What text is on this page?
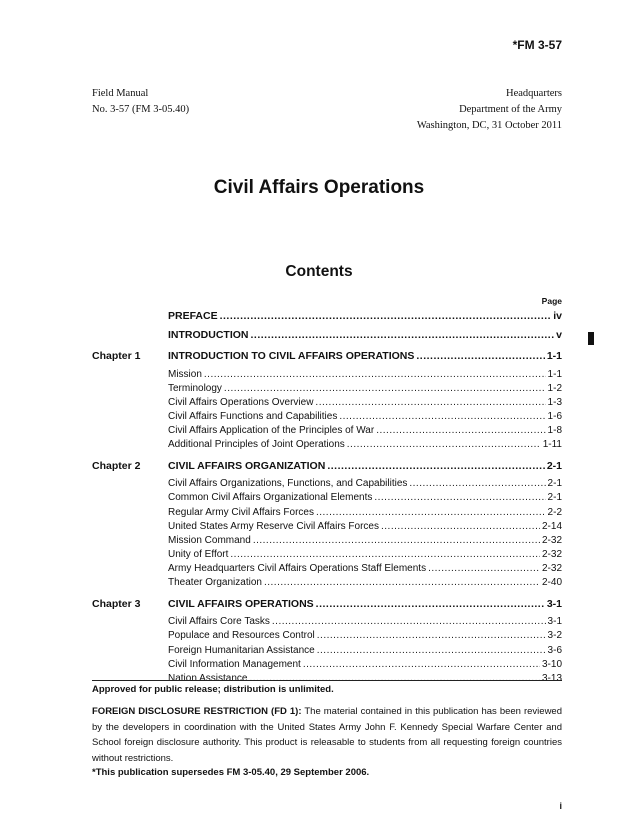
*FM 3-57
Field Manual
No. 3-57 (FM 3-05.40)
Headquarters
Department of the Army
Washington, DC, 31 October 2011
Civil Affairs Operations
Contents
Page
PREFACE .....	iv
INTRODUCTION .....	v
Chapter 1	INTRODUCTION TO CIVIL AFFAIRS OPERATIONS .....	1-1
Mission .....	1-1
Terminology .....	1-2
Civil Affairs Operations Overview .....	1-3
Civil Affairs Functions and Capabilities .....	1-6
Civil Affairs Application of the Principles of War .....	1-8
Additional Principles of Joint Operations .....	1-11
Chapter 2	CIVIL AFFAIRS ORGANIZATION .....	2-1
Civil Affairs Organizations, Functions, and Capabilities .....	2-1
Common Civil Affairs Organizational Elements .....	2-1
Regular Army Civil Affairs Forces .....	2-2
United States Army Reserve Civil Affairs Forces .....	2-14
Mission Command .....	2-32
Unity of Effort .....	2-32
Army Headquarters Civil Affairs Operations Staff Elements .....	2-32
Theater Organization .....	2-40
Chapter 3	CIVIL AFFAIRS OPERATIONS .....	3-1
Civil Affairs Core Tasks .....	3-1
Populace and Resources Control .....	3-2
Foreign Humanitarian Assistance .....	3-6
Civil Information Management .....	3-10
Nation Assistance .....	3-13
Approved for public release; distribution is unlimited.
FOREIGN DISCLOSURE RESTRICTION (FD 1): The material contained in this publication has been reviewed by the developers in coordination with the United States Army John F. Kennedy Special Warfare Center and School foreign disclosure authority. This product is releasable to students from all requesting foreign countries without restrictions.
*This publication supersedes FM 3-05.40, 29 September 2006.
i
